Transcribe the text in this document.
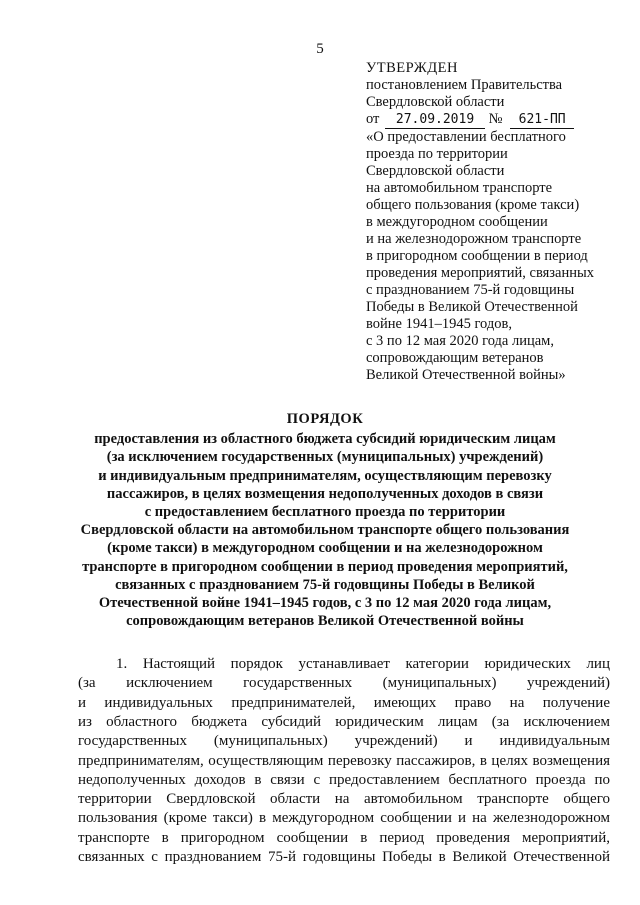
5
УТВЕРЖДЕН
постановлением Правительства
Свердловской области
от 27.09.2019 № 621-ПП
«О предоставлении бесплатного
проезда по территории
Свердловской области
на автомобильном транспорте
общего пользования (кроме такси)
в междугородном сообщении
и на железнодорожном транспорте
в пригородном сообщении в период
проведения мероприятий, связанных
с празднованием 75-й годовщины
Победы в Великой Отечественной
войне 1941–1945 годов,
с 3 по 12 мая 2020 года лицам,
сопровождающим ветеранов
Великой Отечественной войны»
ПОРЯДОК
предоставления из областного бюджета субсидий юридическим лицам
(за исключением государственных (муниципальных) учреждений)
и индивидуальным предпринимателям, осуществляющим перевозку
пассажиров, в целях возмещения недополученных доходов в связи
с предоставлением бесплатного проезда по территории
Свердловской области на автомобильном транспорте общего пользования
(кроме такси) в междугородном сообщении и на железнодорожном
транспорте в пригородном сообщении в период проведения мероприятий,
связанных с празднованием 75-й годовщины Победы в Великой
Отечественной войне 1941–1945 годов, с 3 по 12 мая 2020 года лицам,
сопровождающим ветеранов Великой Отечественной войны
1. Настоящий порядок устанавливает категории юридических лиц
(за исключением государственных (муниципальных) учреждений)
и индивидуальных предпринимателей, имеющих право на получение
из областного бюджета субсидий юридическим лицам (за исключением
государственных (муниципальных) учреждений) и индивидуальным
предпринимателям, осуществляющим перевозку пассажиров, в целях возмещения
недополученных доходов в связи с предоставлением бесплатного проезда по
территории Свердловской области на автомобильном транспорте общего
пользования (кроме такси) в междугородном сообщении и на железнодорожном
транспорте в пригородном сообщении в период проведения мероприятий,
связанных с празднованием 75-й годовщины Победы в Великой Отечественной
